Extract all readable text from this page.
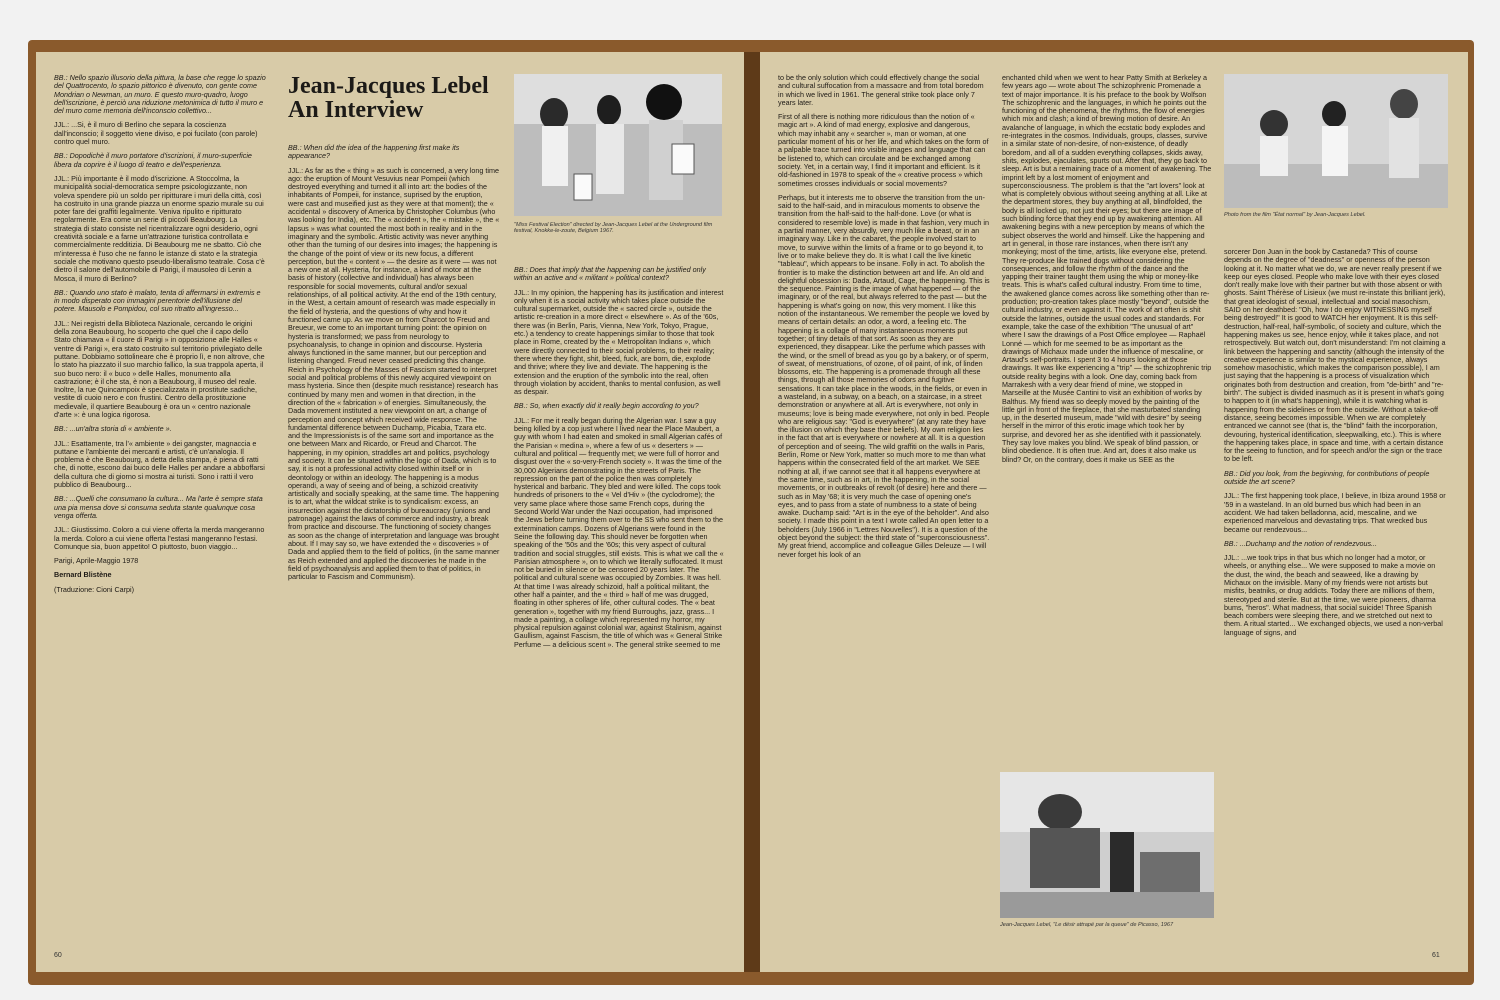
BB.: Nello spazio illusorio della pittura, la base che regge lo spazio del Quattrocento, lo spazio pittorico è divenuto, con gente come Mondrian o Newman, un muro. E questo muro-quadro, luogo dell'iscrizione, è perciò una riduzione metonimica di tutto il muro e del muro come memoria dell'inconscio collettivo...

JJL.: ...Si, è il muro di Berlino che separa la coscienza dall'inconscio; il soggetto viene diviso, e poi fucilato (con parole) contro quel muro.

BB.: Dopodichè il muro portatore d'iscrizioni, il muro-superficie libera da coprire è il luogo di teatro e dell'esperienza.

JJL.: Più importante è il modo d'iscrizione. A Stoccolma, la municipalità social-democratica sempre psicologizzante, non voleva spendere più un soldo per ripitturare i muri della città, così ha costruito in una grande piazza un enorme spazio murale su cui poter fare dei graffiti legalmente. Veniva ripulito e ripitturato regolarmente. Era come un serie di piccoli Beaubourg. La strategia di stato consiste nel ricentralizzare ogni desiderio, ogni creatività sociale e a farne un'attrazione turistica controllata e commercialmente redditizia. Di Beaubourg me ne sbatto. Ciò che m'interessa è l'uso che ne fanno le istanze di stato e la strategia sociale che motivano questo pseudo-liberalismo teatrale. Cosa c'è dietro il salone dell'automobile di Parigi, il mausoleo di Lenin a Mosca, il muro di Berlino?

BB.: Quando uno stato è malato, tenta di affermarsi in extremis e in modo disperato con immagini perentorie dell'illusione del potere. Mausolo e Pompidou, col suo ritratto all'ingresso...

JJL.: Nei registri della Biblioteca Nazionale, cercando le origini della zona Beaubourg, ho scoperto che quel che il capo dello Stato chiamava « il cuore di Parigi » in opposizione alle Halles « ventre di Parigi », era stato costruito sul territorio privilegiato delle puttane. Dobbiamo sottolineare che è proprio lì, e non altrove, che lo stato ha piazzato il suo marchio fallico, la sua trappola aperta, il suo buco nero: il « buco » delle Halles, monumento alla castrazione; è il che sta, è non a Beaubourg, il museo del reale. Inoltre, la rue Quincampoix è specializzata in prostitute sadiche, vestite di cuoio nero e con frustini. Centro della prostituzione medievale, il quartiere Beaubourg è ora un « centro nazionale d'arte »: è una logica rigorosa.

BB.: ...un'altra storia di « ambiente ».

JJL.: Esattamente, tra l'« ambiente » dei gangster, magnaccia e puttane e l'ambiente dei mercanti e artisti, c'è un'analogia. Il problema è che Beaubourg, a detta della stampa, è piena di ratti che, di notte, escono dai buco delle Halles per andare a abboffarsi della cultura che di giorno si mostra ai turisti. Sono i ratti il vero pubblico di Beaubourg...

BB.: ...Quelli che consumano la cultura... Ma l'arte è sempre stata una pia mensa dove si consuma seduta stante qualunque cosa venga offerta.

JJL.: Giustissimo. Coloro a cui viene offerta la merda mangeranno la merda. Coloro a cui viene offerta l'estasi mangeranno l'estasi. Comunque sia, buon appetito! O piuttosto, buon viaggio...

Parigi, Aprile-Maggio 1978

Bernard Blistène

(Traduzione: Cioni Carpi)

Jean-Jacques Lebel
An Interview

BB.: When did the idea of the happening first make its appearance?

JJL.: As far as the « thing » as such is concerned, a very long time ago: the eruption of Mount Vesuvius near Pompeii (which destroyed everything and turned it all into art: the bodies of the inhabitants of Pompeii, for instance, suprised by the eruption, were cast and museified just as they were at that moment); the « accidental » discovery of America by Christopher Columbus (who was looking for India), etc. The « accident », the « mistake », the « lapsus » was what counted the most both in reality and in the imaginary and the symbolic. Artistic activity was never anything other than the turning of our desires into images; the happening is the change of the point of view or its new focus, a different perception, but the « content » — the desire as it were — was not a new one at all. Hysteria, for instance, a kind of motor at the basis of history (collective and individual) has always been responsible for social movements, cultural and/or sexual relationships, of all political activity. At the end of the 19th century, in the West, a certain amount of research was made especially in the field of hysteria, and the questions of why and how it functioned came up. As we move on from Charcot to Freud and Breueur, we come to an important turning point: the opinion on hysteria is transformed; we pass from neurology to psychoanalysis, to change in opinion and discourse. Hysteria always functioned in the same manner, but our perception and listening changed. Freud never ceased predicting this change. Reich in Psychology of the Masses of Fascism started to interpret social and political problems of this newly acquired viewpoint on mass hysteria. Since then (despite much resistance) research has continued by many men and women in that direction, in the direction of the « fabrication » of energies. Simultaneously, the Dada movement instituted a new viewpoint on art, a change of perception and concept which received wide response. The fundamental difference between Duchamp, Picabia, Tzara etc. and the Impressionists is of the same sort and importance as the one between Marx and Ricardo, or Freud and Charcot. The happening, in my opinion, straddles art and politics, psychology and society. It can be situated within the logic of Dada, which is to say, it is not a professional activity closed within itself or in deontology or within an ideology. The happening is a modus operandi, a way of seeing and of being, a schizoid creativity artistically and socially speaking, at the same time. The happening is to art, what the wildcat strike is to syndicalism: excess, an insurrection against the dictatorship of bureaucracy (unions and patronage) against the laws of commerce and industry, a break from practice and discourse. The functioning of society changes as soon as the change of interpretation and language was brought about. If I may say so, we have extended the « discoveries » of Dada and applied them to the field of politics, (in the same manner as Reich extended and applied the discoveries he made in the field of psychoanalysis and applied them to that of politics, in particular to Fascism and Communism).

"Miss Festival Election" directed by Jean-Jacques Lebel at the Underground film festival, Knokke-le-zoute, Belgium 1967.

BB.: Does that imply that the happening can be justified only within an active and « militant » political context?

JJL.: In my opinion, the happening has its justification and interest only when it is a social activity which takes place outside the cultural supermarket, outside the « sacred circle », outside the artistic re-creation in a more direct « elsewhere ». As of the '60s, there was (in Berlin, Paris, Vienna, New York, Tokyo, Prague, etc.) a tendency to create happenings similar to those that took place in Rome, created by the « Metropolitan Indians », which were directly connected to their social problems, to their reality; there where they fight, shit, bleed, fuck, are born, die, explode and thrive; where they live and deviate. The happening is the extension and the eruption of the symbolic into the real, often through violation by accident, thanks to mental confusion, as well as despair.

BB.: So, when exactly did it really begin according to you?

JJL.: For me it really began during the Algerian war. I saw a guy being killed by a cop just where I lived near the Place Maubert, a guy with whom I had eaten and smoked in small Algerian cafés of the Parisian « medina », where a few of us « deserters » — cultural and political — frequently met; we were full of horror and disgust over the « so-very-French society ». It was the time of the 30,000 Algerians demonstrating in the streets of Paris. The repression on the part of the police then was completely hysterical and barbaric. They bled and were killed. The cops took hundreds of prisoners to the « Vel d'Hiv » (the cyclodrome); the very same place where those same French cops, during the Second World War under the Nazi occupation, had imprisoned the Jews before turning them over to the SS who sent them to the extermination camps. Dozens of Algerians were found in the Seine the following day. This should never be forgotten when speaking of the '50s and the '60s; this very aspect of cultural tradition and social struggles, still exists. This is what we call the « Parisian atmosphere », on to which we literally suffocated. It must not be buried in silence or be censored 20 years later. The political and cultural scene was occupied by Zombies. It was hell. At that time I was already schizoid, half a political militant, the other half a painter, and the « third » half of me was drugged, floating in other spheres of life, other cultural codes. The « beat generation », together with my friend Burroughs, jazz, grass... I made a painting, a collage which represented my horror, my physical repulsion against colonial war, against Stalinism, against Gaullism, against Fascism, the title of which was « General Strike Perfume — a delicious scent ». The general strike seemed to me

60

to be the only solution which could effectively change the social and cultural suffocation from a massacre and from total boredom in which we lived in 1961. The general strike took place only 7 years later.

First of all there is nothing more ridiculous than the notion of « magic art ». A kind of mad energy, explosive and dangerous, which may inhabit any « searcher », man or woman, at one particular moment of his or her life, and which takes on the form of a palpable trace turned into visible images and language that can be listened to, which can circulate and be exchanged among society. Yet, in a certain way, I find it important and efficient. Is it old-fashioned in 1978 to speak of the « creative process » which sometimes crosses individuals or social movements?

Perhaps, but it interests me to observe the transition from the un-said to the half-said, and in miraculous moments to observe the transition from the half-said to the half-done. Love (or what is considered to resemble love) is made in that fashion, very much in a partial manner, very absurdly, very much like a beast, or in an imaginary way. Like in the cabaret, the people involved start to move, to survive within the limits of a frame or to go beyond it, to live or to make believe they do. It is what I call the live kinetic "tableau", which appears to be insane. Folly in act. To abolish the frontier is to make the distinction between art and life. An old and delightful obsession is: Dada, Artaud, Cage, the happening. This is the sequence. Painting is the image of what happened — of the imaginary, or of the real, but always referred to the past — but the happening is what's going on now, this very moment. I like this notion of the instantaneous. We remember the people we loved by means of certain details: an odor, a word, a feeling etc. The happening is a collage of many instantaneous moments put together; of tiny details of that sort. As soon as they are experienced, they disappear. Like the perfume which passes with the wind, or the smell of bread as you go by a bakery, or of sperm, of sweat, of menstruations, of ozone, of oil paint, of ink, of linden blossoms, etc. The happening is a promenade through all these things, through all those memories of odors and fugitive sensations. It can take place in the woods, in the fields, or even in a wasteland, in a subway, on a beach, on a staircase, in a street demonstration or anywhere at all. Art is everywhere, not only in museums; love is being made everywhere, not only in bed. People who are religious say: "God is everywhere" (at any rate they have the illusion on which they base their beliefs). My own religion lies in the fact that art is everywhere or nowhere at all. It is a question of perception and of seeing. The wild graffiti on the walls in Paris, Berlin, Rome or New York, matter so much more to me than what happens within the consecrated field of the art market. We SEE nothing at all, if we cannot see that it all happens everywhere at the same time, such as in art, in the happening, in the social movements, or in outbreaks of revolt (of desire) here and there — such as in May '68; it is very much the case of opening one's eyes, and to pass from a state of numbness to a state of being awake. Duchamp said: "Art is in the eye of the beholder". And also society. I made this point in a text I wrote called An open letter to a beholders (July 1966 in "Lettres Nouvelles"). It is a question of the object beyond the subject: the third state of "superconsciousness". My great friend, accomplice and colleague Gilles Deleuze — I will never forget his look of an

enchanted child when we went to hear Patty Smith at Berkeley a few years ago — wrote about The schizophrenic Promenade a text of major importance. It is his preface to the book by Wolfson The schizophrenic and the languages, in which he points out the functioning of the phenomena, the rhythms, the flow of energies which mix and clash; a kind of brewing motion of desire. An avalanche of language, in which the ecstatic body explodes and re-integrates in the cosmos. Individuals, groups, classes, survive in a similar state of non-desire, of non-existence, of deadly boredom, and all of a sudden everything collapses, skids away, shits, explodes, ejaculates, spurts out. After that, they go back to sleep. Art is but a remaining trace of a moment of awakening. The imprint left by a lost moment of enjoyment and superconsciousness. The problem is that the "art lovers" look at what is completely obvious without seeing anything at all. Like at the department stores, they buy anything at all, blindfolded, the body is all locked up, not just their eyes; but there are image of such blinding force that they end up by awakening attention. All awakening begins with a new perception by means of which the subject observes the world and himself. Like the happening and art in general, in those rare instances, when there isn't any monkeying; most of the time, artists, like everyone else, pretend. They re-produce like trained dogs without considering the consequences, and follow the rhythm of the dance and the yapping their trainer taught them using the whip or money-like treats. This is what's called cultural industry. From time to time, the awakened glance comes across like something other than re-production; pro-creation takes place mostly "beyond", outside the cultural industry, or even against it. The work of art often is shit outside the latrines, outside the usual codes and standards. For example, take the case of the exhibition "The unusual of art" where I saw the drawings of a Post Office employee — Raphaël Lonné — which for me seemed to be as important as the drawings of Michaux made under the influence of mescaline, or Artaud's self-portraits. I spent 3 to 4 hours looking at those drawings. It was like experiencing a "trip" — the schizophrenic trip outside reality begins with a look. One day, coming back from Marrakesh with a very dear friend of mine, we stopped in Marseille at the Musée Cantini to visit an exhibition of works by Balthus. My friend was so deeply moved by the painting of the little girl in front of the fireplace, that she masturbated standing up, in the deserted museum, made "wild with desire" by seeing herself in the mirror of this erotic image which took her by surprise, and devored her as she identified with it passionately. They say love makes you blind. We speak of blind passion, or blind obedience. It is often true. And art, does it also make us blind? Or, on the contrary, does it make us SEE as the

Jean-Jacques Lebel, "Le désir attrapé par la queue" de Picasso, 1967
Photo from the film "État normal" by Jean-Jacques Lebel.

sorcerer Don Juan in the book by Castaneda? This of course depends on the degree of "deadness" or openness of the person looking at it. No matter what we do, we are never really present if we keep our eyes closed. People who make love with their eyes closed don't really make love with their partner but with those absent or with ghosts. Saint Thérèse of Lisieux (we must re-instate this brilliant jerk), that great ideologist of sexual, intellectual and social masochism, SAID on her deathbed: "Oh, how I do enjoy WITNESSING myself being destroyed!" It is good to WATCH her enjoyment. It is this self-destruction, half-real, half-symbolic, of society and culture, which the happening makes us see, hence enjoy, while it takes place, and not retrospectively. But watch out, don't misunderstand: I'm not claiming a link between the happening and sanctity (although the intensity of the creative experience is similar to the mystical experience, always somehow masochistic, which makes the comparison possible), I am just saying that the happening is a process of visualization which originates both from destruction and creation, from "de-birth" and "re-birth". The subject is divided inasmuch as it is present in what's going to happen to it (in what's happening), while it is watching what is happening from the sidelines or from the outside. Without a take-off distance, seeing becomes impossible. When we are completely entranced we cannot see (that is, the "blind" faith the incorporation, devouring, hysterical identification, sleepwalking, etc.). This is where the happening takes place, in space and time, with a certain distance for the seeing to function, and for speech and/or the sign or the trace to be left.

BB.: Did you look, from the beginning, for contributions of people outside the art scene?

JJL.: The first happening took place, I believe, in Ibiza around 1958 or '59 in a wasteland. In an old burned bus which had been in an accident. We had taken belladonna, acid, mescaline, and we experienced marvelous and devastating trips. That wrecked bus became our rendezvous...

BB.: ...Duchamp and the notion of rendezvous...

JJL.: ...we took trips in that bus which no longer had a motor, or wheels, or anything else... We were supposed to make a movie on the dust, the wind, the beach and seaweed, like a drawing by Michaux on the invisible. Many of my friends were not artists but misfits, beatniks, or drug addicts. Today there are millions of them, stereotyped and sterile. But at the time, we were pioneers, dharma bums, "heros". What madness, that social suicide! Three Spanish beach combers were sleeping there, and we stretched out next to them. A ritual started... We exchanged objects, we used a non-verbal language of signs, and

61
